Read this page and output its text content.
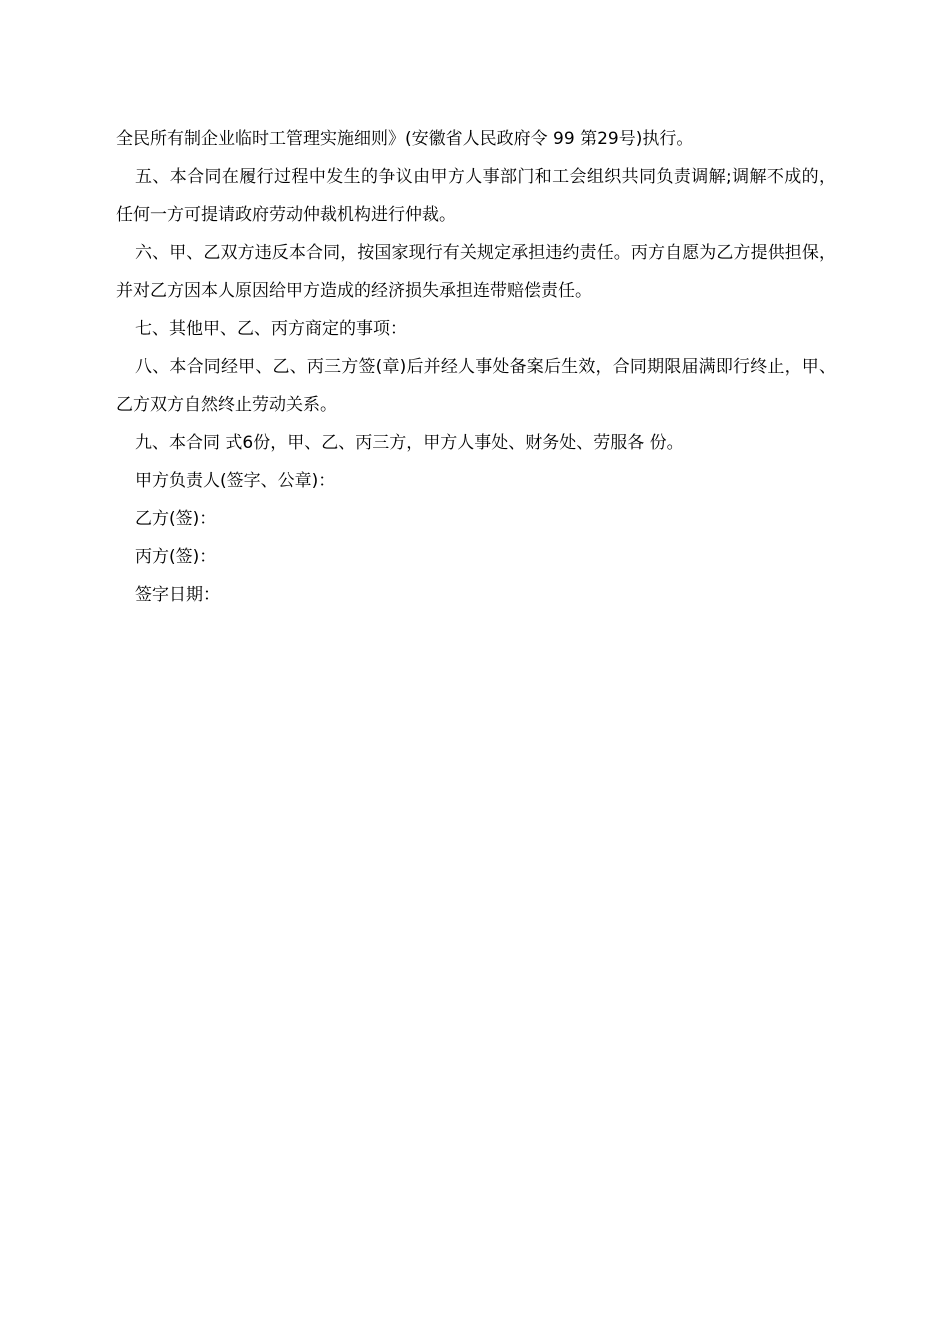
全民所有制企业临时工管理实施细则》(安徽省人民政府令 99 第29号)执行。

五、本合同在履行过程中发生的争议由甲方人事部门和工会组织共同负责调解;调解不成的，任何一方可提请政府劳动仲裁机构进行仲裁。

六、甲、乙双方违反本合同，按国家现行有关规定承担违约责任。丙方自愿为乙方提供担保，并对乙方因本人原因给甲方造成的经济损失承担连带赔偿责任。

七、其他甲、乙、丙方商定的事项：

八、本合同经甲、乙、丙三方签(章)后并经人事处备案后生效，合同期限届满即行终止，甲、乙方双方自然终止劳动关系。

九、本合同 式6份，甲、乙、丙三方，甲方人事处、财务处、劳服各 份。

甲方负责人(签字、公章)：

乙方(签)：

丙方(签)：

签字日期：
